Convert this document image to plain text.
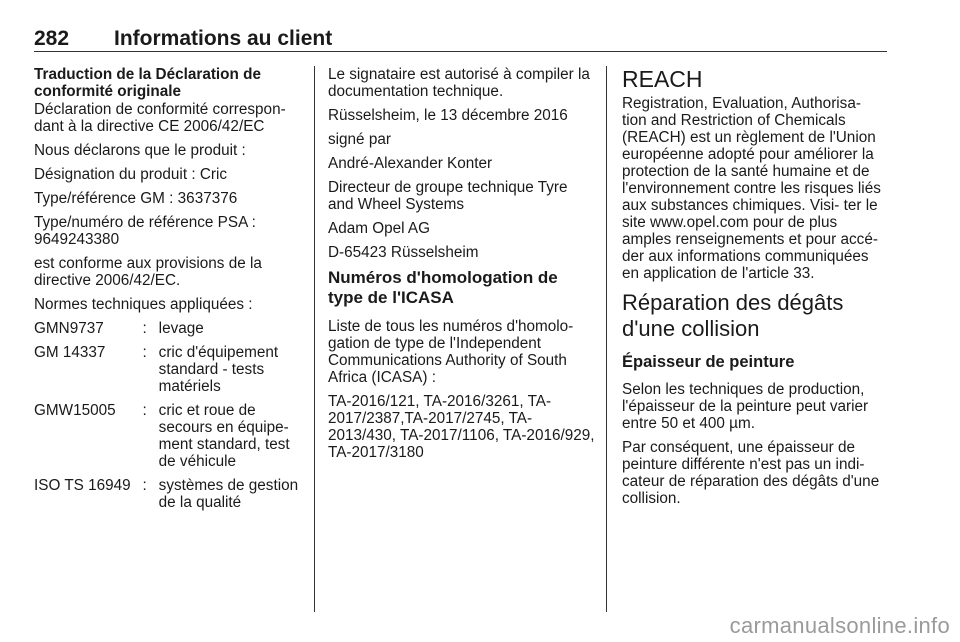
282 Informations au client

Traduction de la Déclaration de conformité originale

Déclaration de conformité correspon- dant à la directive CE 2006/42/EC

Nous déclarons que le produit :

Désignation du produit : Cric

Type/référence GM : 3637376

Type/numéro de référence PSA : 9649243380

est conforme aux provisions de la directive 2006/42/EC.

Normes techniques appliquées :

GMN9737	:	levage
GM 14337	:	cric d'équipement standard - tests matériels
GMW15005	:	cric et roue de secours en équipe- ment standard, test de véhicule
ISO TS 16949	:	systèmes de gestion de la qualité

Le signataire est autorisé à compiler la documentation technique.

Rüsselsheim, le 13 décembre 2016

signé par

André-Alexander Konter

Directeur de groupe technique Tyre and Wheel Systems

Adam Opel AG

D-65423 Rüsselsheim

Numéros d'homologation de type de l'ICASA

Liste de tous les numéros d'homolo- gation de type de l'Independent Communications Authority of South Africa (ICASA) :

TA-2016/121, TA-2016/3261, TA-2017/2387,TA-2017/2745, TA-2013/430, TA-2017/1106, TA-2016/929, TA-2017/3180

REACH

Registration, Evaluation, Authorisa- tion and Restriction of Chemicals (REACH) est un règlement de l'Union européenne adopté pour améliorer la protection de la santé humaine et de l'environnement contre les risques liés aux substances chimiques. Visi- ter le site www.opel.com pour de plus amples renseignements et pour accé- der aux informations communiquées en application de l'article 33.

Réparation des dégâts d'une collision
Épaisseur de peinture

Selon les techniques de production, l'épaisseur de la peinture peut varier entre 50 et 400 µm.

Par conséquent, une épaisseur de peinture différente n'est pas un indi- cateur de réparation des dégâts d'une collision.

carmanualsonline.info
